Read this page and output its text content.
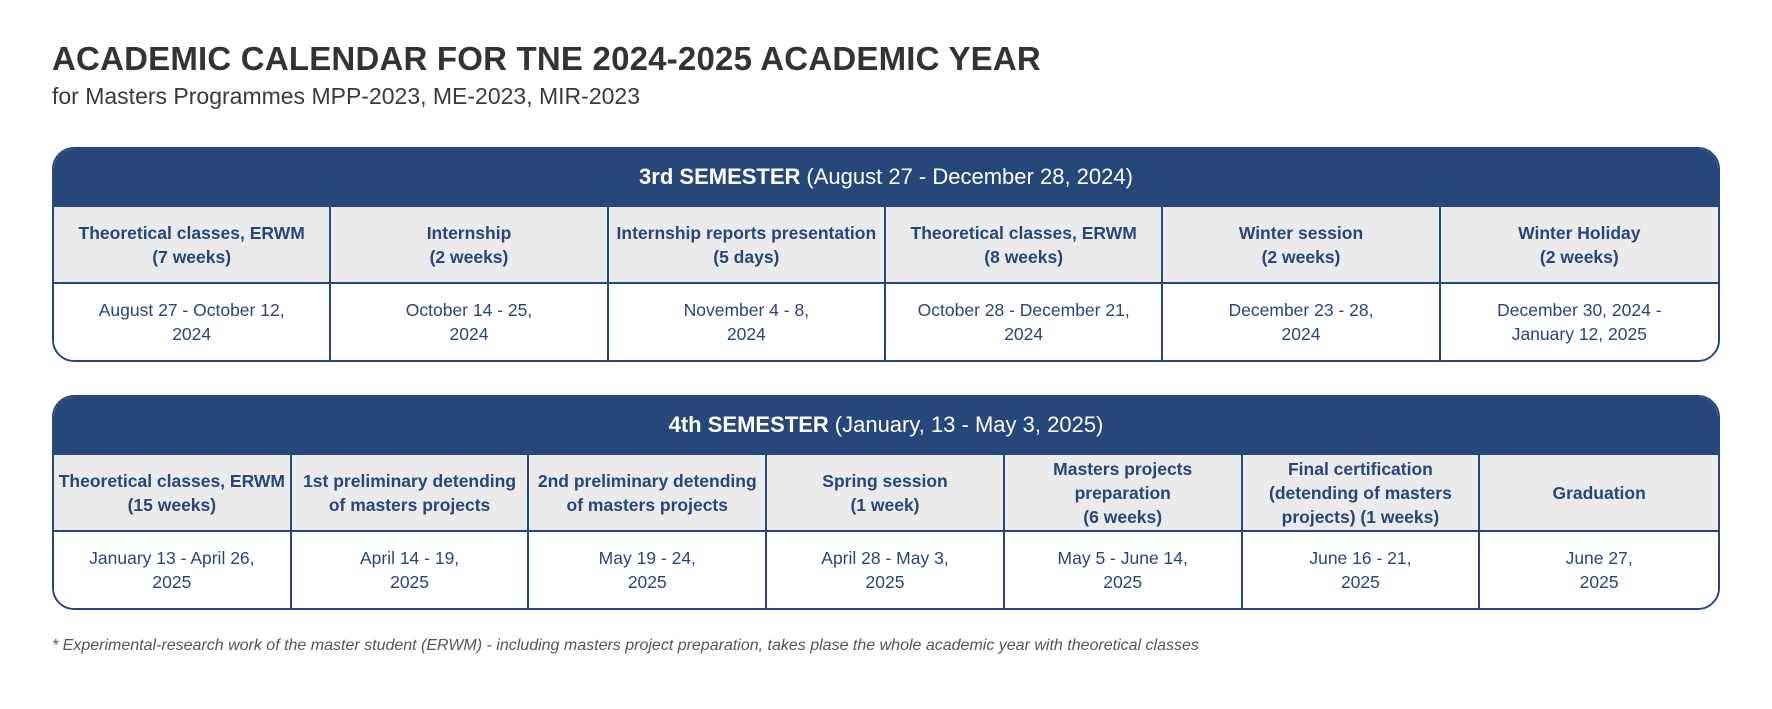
ACADEMIC CALENDAR FOR TNE 2024-2025 ACADEMIC YEAR
for Masters Programmes MPP-2023, ME-2023, MIR-2023
3rd SEMESTER (August 27 - December 28, 2024)
Theoretical classes, ERWM
(7 weeks)
Internship
(2 weeks)
Internship reports presentation
(5 days)
Theoretical classes, ERWM
(8 weeks)
Winter session
(2 weeks)
Winter Holiday
(2 weeks)
August 27 - October 12,
2024
October 14 - 25,
2024
November 4 - 8,
2024
October 28 - December 21,
2024
December 23 - 28,
2024
December 30, 2024 -
January 12, 2025
4th SEMESTER (January, 13 - May 3, 2025)
Theoretical classes, ERWM
(15 weeks)
1st preliminary detending
of masters projects
2nd preliminary detending
of masters projects
Spring session
(1 week)
Masters projects preparation
(6 weeks)
Final certification
(detending of masters
projects) (1 weeks)
Graduation
January 13 - April 26,
2025
April 14 - 19,
2025
May 19 - 24,
2025
April 28 - May 3,
2025
May 5 - June 14,
2025
June 16 - 21,
2025
June 27,
2025

* Experimental-research work of the master student (ERWM) - including masters project preparation, takes plase the whole academic year with theoretical classes
